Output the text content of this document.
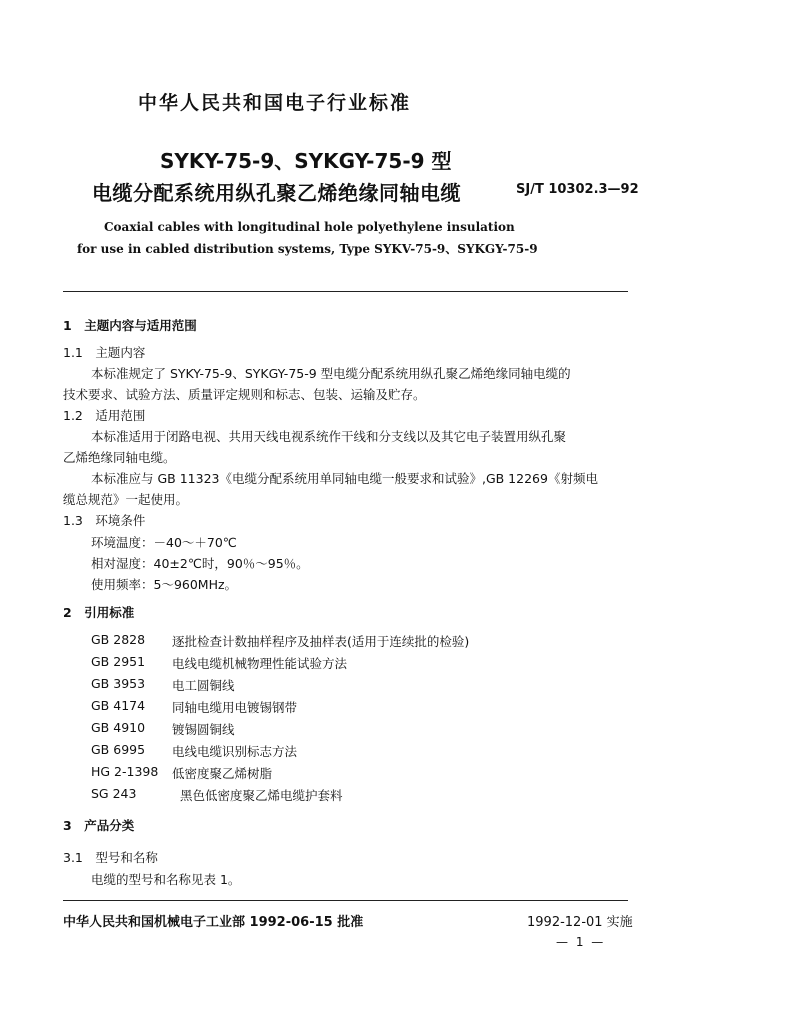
中华人民共和国电子行业标准
SYKY-75-9、SYKGY-75-9 型
电缆分配系统用纵孔聚乙烯绝缘同轴电缆	SJ/T 10302.3—92
Coaxial cables with longitudinal hole polyethylene insulation
for use in cabled distribution systems, Type SYKV-75-9、SYKGY-75-9
1　主题内容与适用范围
1.1　主题内容
本标准规定了 SYKY-75-9、SYKGY-75-9 型电缆分配系统用纵孔聚乙烯绝缘同轴电缆的
技术要求、试验方法、质量评定规则和标志、包装、运输及贮存。
1.2　适用范围
本标准适用于闭路电视、共用天线电视系统作干线和分支线以及其它电子装置用纵孔聚
乙烯绝缘同轴电缆。
本标准应与 GB 11323《电缆分配系统用单同轴电缆一般要求和试验》,GB 12269《射频电
缆总规范》一起使用。
1.3　环境条件
环境温度：－40～＋70℃
相对湿度：40±2℃时，90％～95％。
使用频率：5～960MHz。
2　引用标准
GB 2828 逐批检查计数抽样程序及抽样表(适用于连续批的检验)
GB 2951 电线电缆机械物理性能试验方法
GB 3953 电工圆铜线
GB 4174 同轴电缆用电镀锡钢带
GB 4910 镀锡圆铜线
GB 6995 电线电缆识别标志方法
HG 2-1398 低密度聚乙烯树脂
SG 243	黑色低密度聚乙烯电缆护套料
3　产品分类
3.1　型号和名称
电缆的型号和名称见表 1。
中华人民共和国机械电子工业部 1992-06-15 批准	1992-12-01 实施
— 1 —
